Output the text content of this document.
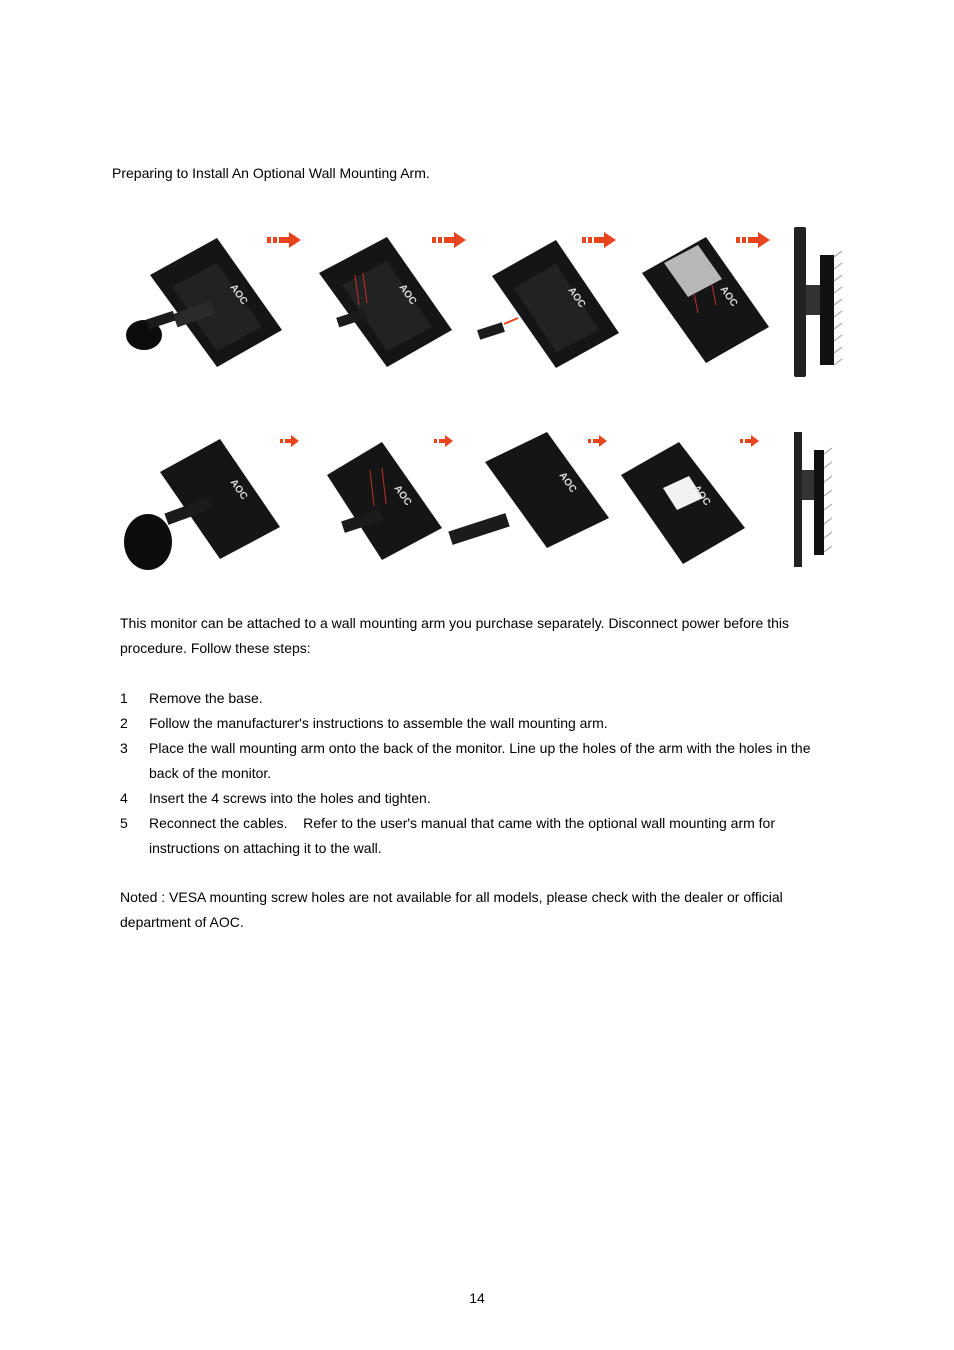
Preparing to Install An Optional Wall Mounting Arm.
AOC	AOC	AOC	AOC
AOC	AOC
AOC
AOC
This monitor can be attached to a wall mounting arm you purchase separately. Disconnect power before this procedure. Follow these steps:
1	Remove the base.
2	Follow the manufacturer's instructions to assemble the wall mounting arm.
3	Place the wall mounting arm onto the back of the monitor. Line up the holes of the arm with the holes in the back of the monitor.
4	Insert the 4 screws into the holes and tighten.
5	Reconnect the cables.    Refer to the user's manual that came with the optional wall mounting arm for instructions on attaching it to the wall.
Noted : VESA mounting screw holes are not available for all models, please check with the dealer or official department of AOC.
14
